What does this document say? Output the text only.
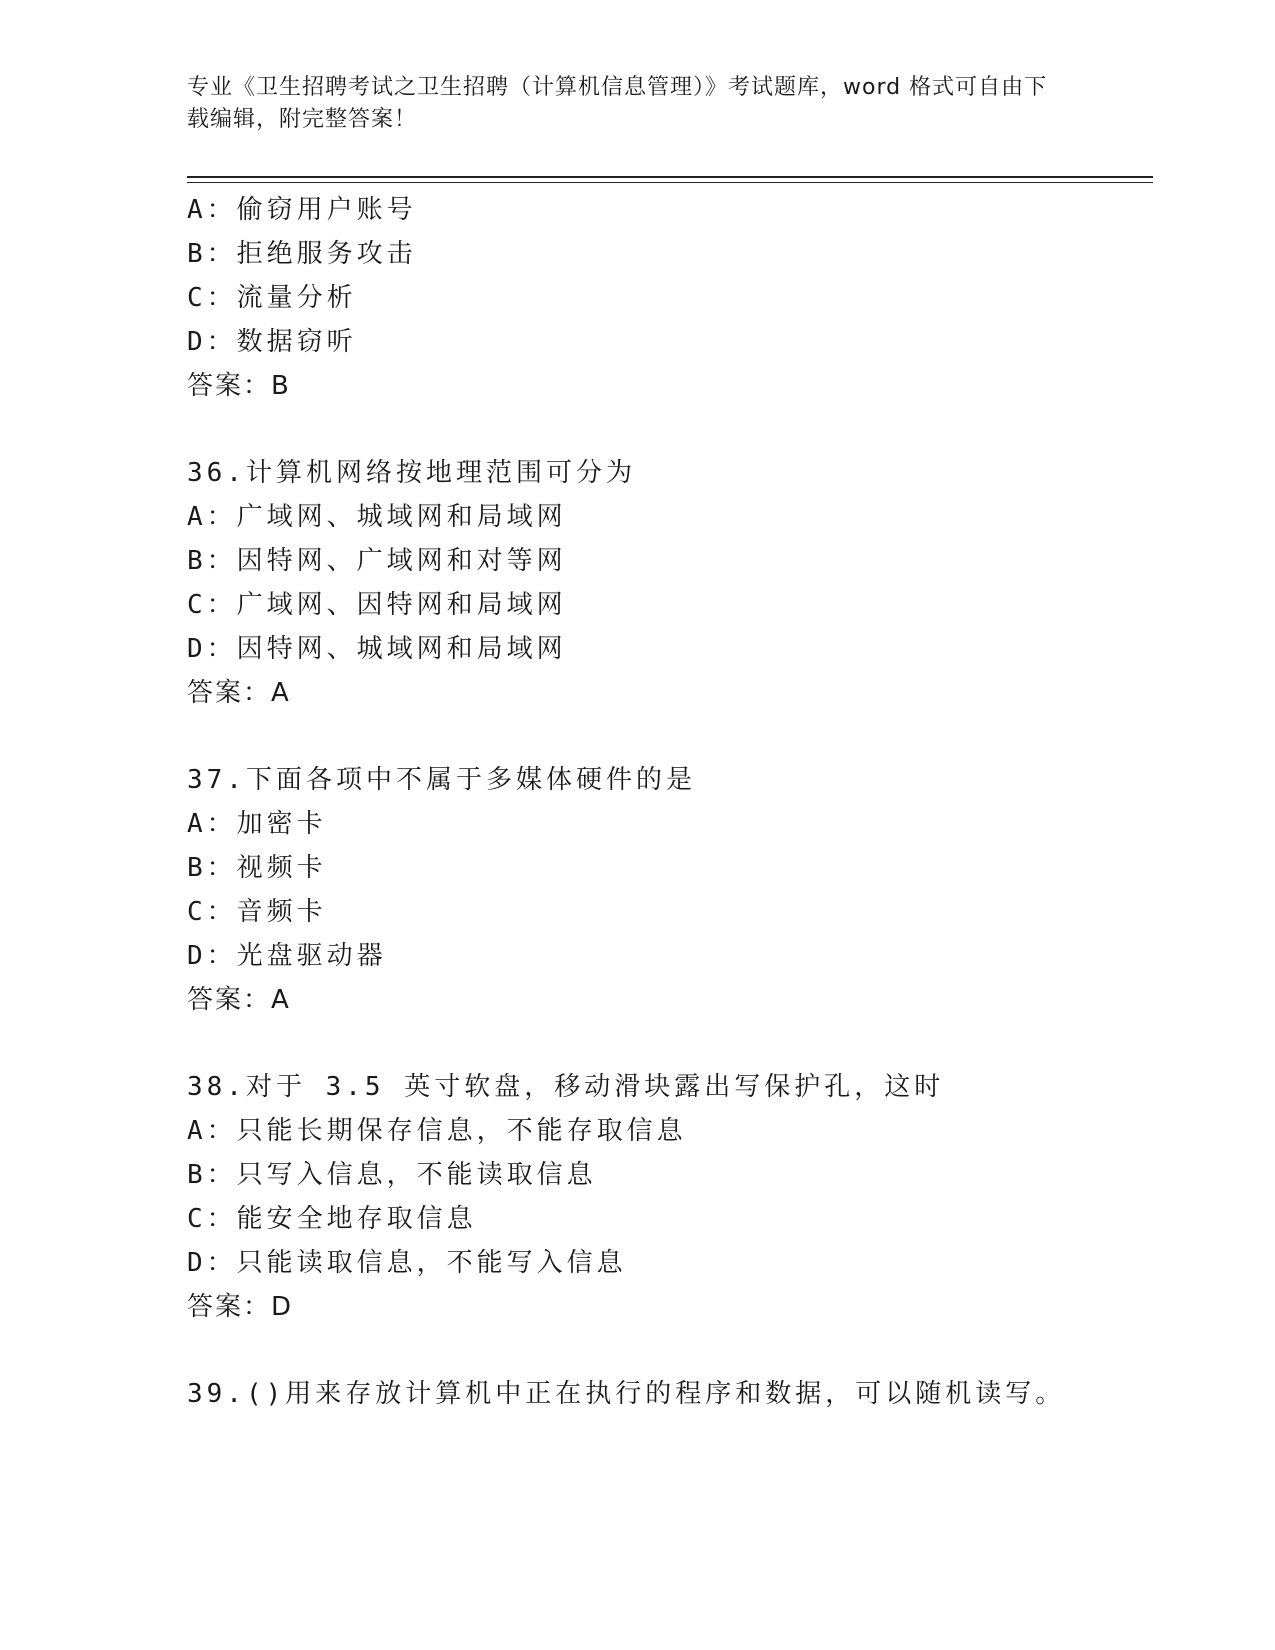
专业《卫生招聘考试之卫生招聘（计算机信息管理）》考试题库，word 格式可自由下载编辑，附完整答案！
A：偷窃用户账号
B：拒绝服务攻击
C：流量分析
D：数据窃听
答案：B
36.计算机网络按地理范围可分为
A：广域网、城域网和局域网
B：因特网、广域网和对等网
C：广域网、因特网和局域网
D：因特网、城域网和局域网
答案：A
37.下面各项中不属于多媒体硬件的是
A：加密卡
B：视频卡
C：音频卡
D：光盘驱动器
答案：A
38.对于 3.5 英寸软盘，移动滑块露出写保护孔，这时
A：只能长期保存信息，不能存取信息
B：只写入信息，不能读取信息
C：能安全地存取信息
D：只能读取信息，不能写入信息
答案：D
39.()用来存放计算机中正在执行的程序和数据，可以随机读写。
